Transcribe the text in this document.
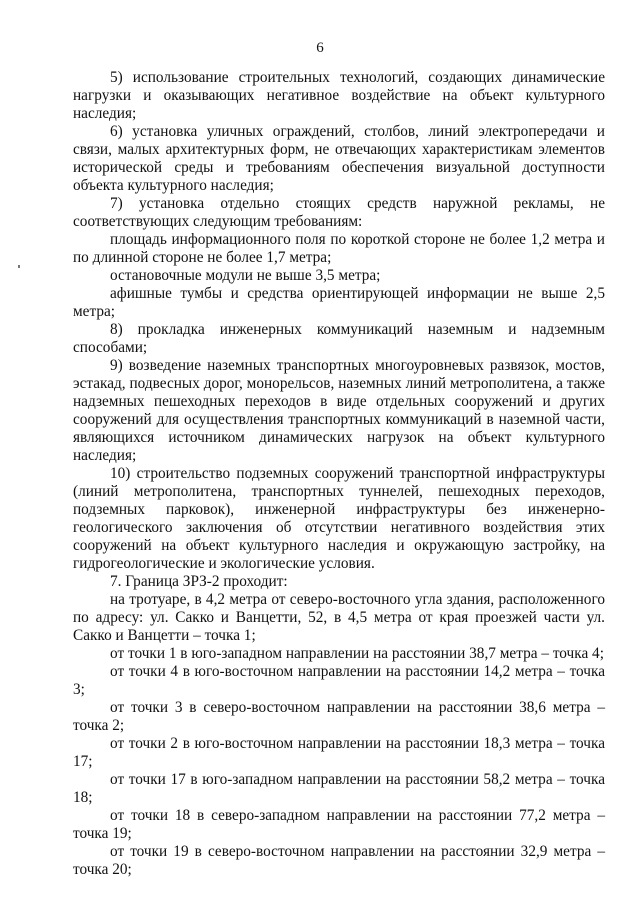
6

5) использование строительных технологий, создающих динамические нагрузки и оказывающих негативное воздействие на объект культурного наследия;

6) установка уличных ограждений, столбов, линий электропередачи и связи, малых архитектурных форм, не отвечающих характеристикам элементов исторической среды и требованиям обеспечения визуальной доступности объекта культурного наследия;

7) установка отдельно стоящих средств наружной рекламы, не соответствующих следующим требованиям:

площадь информационного поля по короткой стороне не более 1,2 метра и по длинной стороне не более 1,7 метра;

остановочные модули не выше 3,5 метра;

афишные тумбы и средства ориентирующей информации не выше 2,5 метра;

8) прокладка инженерных коммуникаций наземным и надземным способами;

9) возведение наземных транспортных многоуровневых развязок, мостов, эстакад, подвесных дорог, монорельсов, наземных линий метрополитена, а также надземных пешеходных переходов в виде отдельных сооружений и других сооружений для осуществления транспортных коммуникаций в наземной части, являющихся источником динамических нагрузок на объект культурного наследия;

10) строительство подземных сооружений транспортной инфраструктуры (линий метрополитена, транспортных туннелей, пешеходных переходов, подземных парковок), инженерной инфраструктуры без инженерно-геологического заключения об отсутствии негативного воздействия этих сооружений на объект культурного наследия и окружающую застройку, на гидрогеологические и экологические условия.

7. Граница ЗРЗ-2 проходит:

на тротуаре, в 4,2 метра от северо-восточного угла здания, расположенного по адресу: ул. Сакко и Ванцетти, 52, в 4,5 метра от края проезжей части ул. Сакко и Ванцетти – точка 1;

от точки 1 в юго-западном направлении на расстоянии 38,7 метра – точка 4;

от точки 4 в юго-восточном направлении на расстоянии 14,2 метра – точка 3;

от точки 3 в северо-восточном направлении на расстоянии 38,6 метра – точка 2;

от точки 2 в юго-восточном направлении на расстоянии 18,3 метра – точка 17;

от точки 17 в юго-западном направлении на расстоянии 58,2 метра – точка 18;

от точки 18 в северо-западном направлении на расстоянии 77,2 метра – точка 19;

от точки 19 в северо-восточном направлении на расстоянии 32,9 метра – точка 20;
